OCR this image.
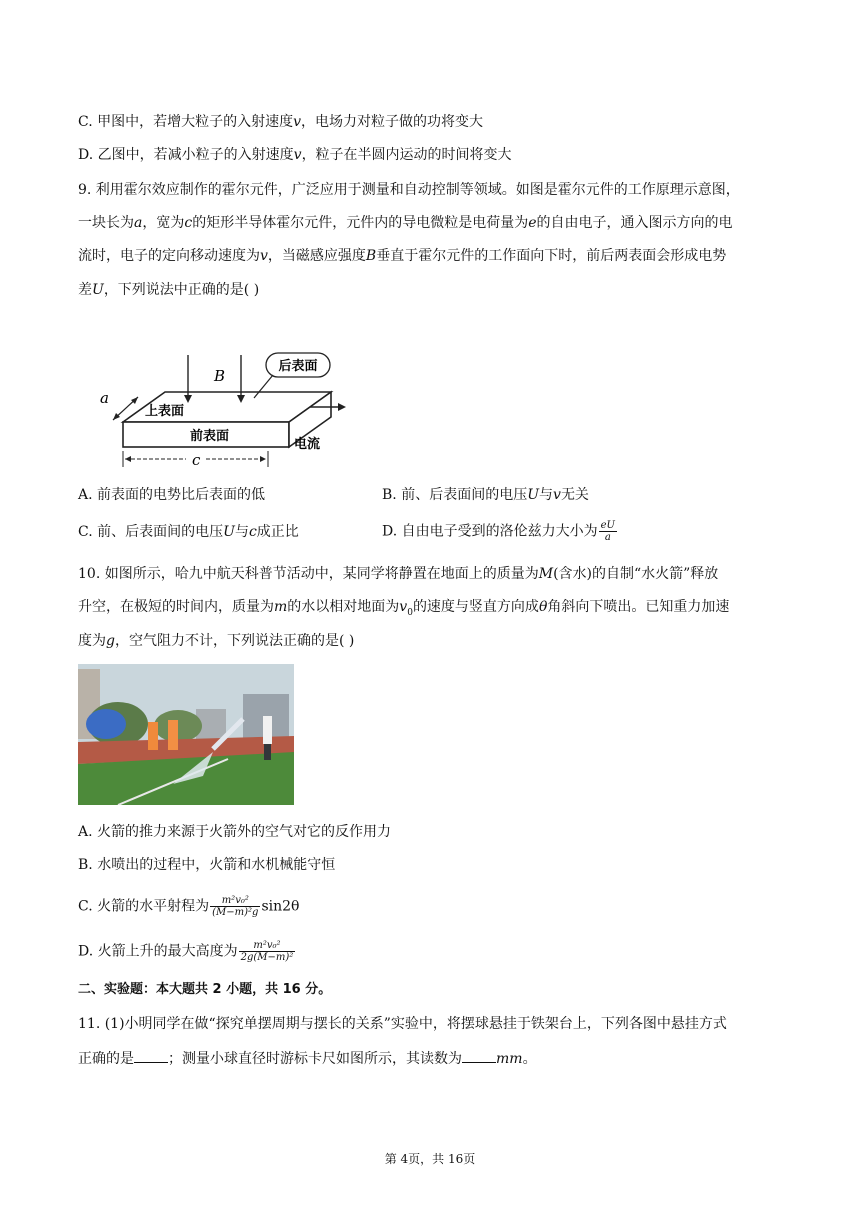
C. 甲图中，若增大粒子的入射速度v，电场力对粒子做的功将变大
D. 乙图中，若减小粒子的入射速度v，粒子在半圆内运动的时间将变大
9. 利用霍尔效应制作的霍尔元件，广泛应用于测量和自动控制等领域。如图是霍尔元件的工作原理示意图，
一块长为a，宽为c的矩形半导体霍尔元件，元件内的导电微粒是电荷量为e的自由电子，通入图示方向的电
流时，电子的定向移动速度为v，当磁感应强度B垂直于霍尔元件的工作面向下时，前后两表面会形成电势
差U，下列说法中正确的是( )
B
后表面
上表面
前表面
电流
a
c
A. 前表面的电势比后表面的低	B. 前、后表面间的电压U与v无关
C. 前、后表面间的电压U与c成正比	D. 自由电子受到的洛伦兹力大小为 $\frac{eU}{a}$
10. 如图所示，哈九中航天科普节活动中，某同学将静置在地面上的质量为M(含水)的自制“水火箭”释放
升空，在极短的时间内，质量为m的水以相对地面为$v_0$的速度与竖直方向成θ角斜向下喷出。已知重力加速
度为g，空气阻力不计，下列说法正确的是( )
A. 火箭的推力来源于火箭外的空气对它的反作用力
B. 水喷出的过程中，火箭和水机械能守恒
C. 火箭的水平射程为 $\frac{\text{m²v₀²}}{\text{(M−m)²g}} \sin 2\theta$
D. 火箭上升的最大高度为 $\frac{\text{m²v₀²}}{\text{2g(M−m)²}}$
二、实验题：本大题共 2 小题，共 16 分。
11. (1)小明同学在做“探究单摆周期与摆长的关系”实验中，将摆球悬挂于铁架台上，下列各图中悬挂方式
正确的是 ；测量小球直径时游标卡尺如图所示，其读数为 mm。
第 4页，共 16页
